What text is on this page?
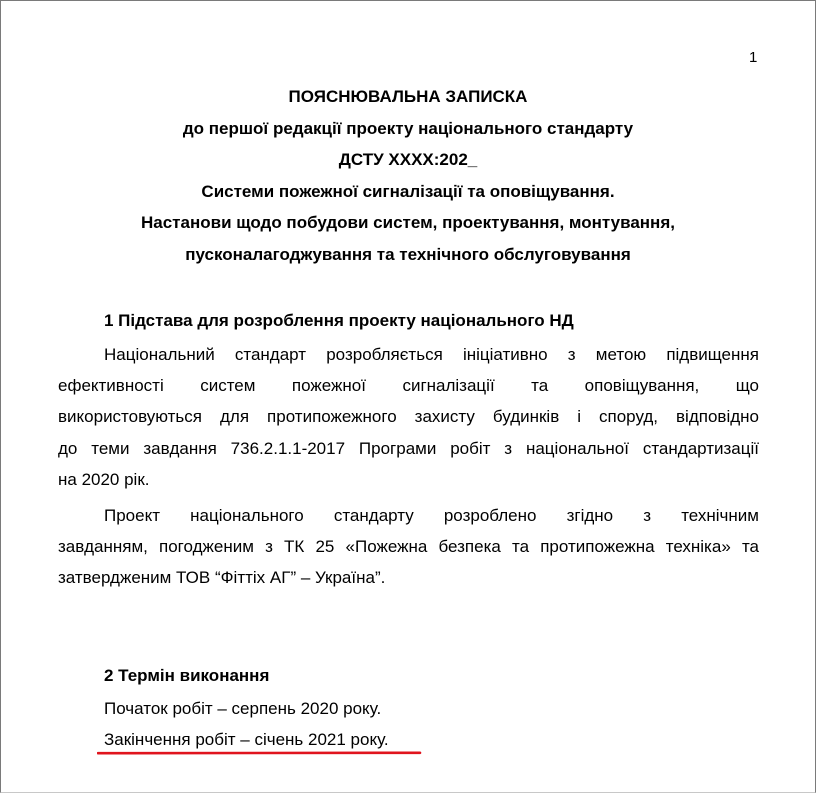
1
ПОЯСНЮВАЛЬНА ЗАПИСКА
до першої редакції проекту національного стандарту
ДСТУ ХХХХ:202_
Системи пожежної сигналізації та оповіщування.
Настанови щодо побудови систем, проектування, монтування,
пусконалагоджування та технічного обслуговування
1 Підстава для розроблення проекту національного НД
Національний стандарт розробляється ініціативно з метою підвищення
ефективності систем пожежної сигналізації та оповіщування, що
використовуються для протипожежного захисту будинків і споруд, відповідно
до теми завдання 736.2.1.1-2017 Програми робіт з національної стандартизації
на 2020 рік.
Проект національного стандарту розроблено згідно з технічним
завданням, погодженим з ТК 25 «Пожежна безпека та протипожежна техніка» та
затвердженим ТОВ “Фіттіх АГ” – Україна”.
2 Термін виконання
Початок робіт – серпень 2020 року.
Закінчення робіт – січень 2021 року.
